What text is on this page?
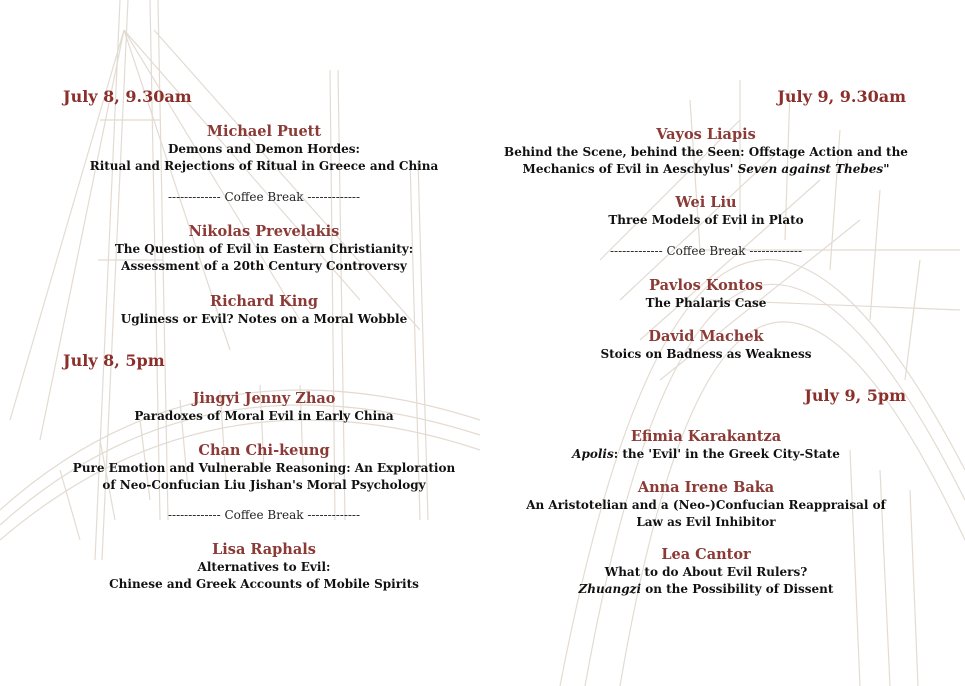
July 8, 9.30am
Michael Puett
Demons and Demon Hordes:
Ritual and Rejections of Ritual in Greece and China
------------- Coffee Break -------------
Nikolas Prevelakis
The Question of Evil in Eastern Christianity:
Assessment of a 20th Century Controversy
Richard King
Ugliness or Evil? Notes on a Moral Wobble
July 8, 5pm
Jingyi Jenny Zhao
Paradoxes of Moral Evil in Early China
Chan Chi-keung
Pure Emotion and Vulnerable Reasoning: An Exploration
of Neo-Confucian Liu Jishan's Moral Psychology
------------- Coffee Break -------------
Lisa Raphals
Alternatives to Evil:
Chinese and Greek Accounts of Mobile Spirits
July 9, 9.30am
Vayos Liapis
Behind the Scene, behind the Seen: Offstage Action and the
Mechanics of Evil in Aeschylus' Seven against Thebes"
Wei Liu
Three Models of Evil in Plato
------------- Coffee Break -------------
Pavlos Kontos
The Phalaris Case
David Machek
Stoics on Badness as Weakness
July 9, 5pm
Efimia Karakantza
Apolis: the 'Evil' in the Greek City-State
Anna Irene Baka
An Aristotelian and a (Neo-)Confucian Reappraisal of
Law as Evil Inhibitor
Lea Cantor
What to do About Evil Rulers?
Zhuangzi on the Possibility of Dissent
